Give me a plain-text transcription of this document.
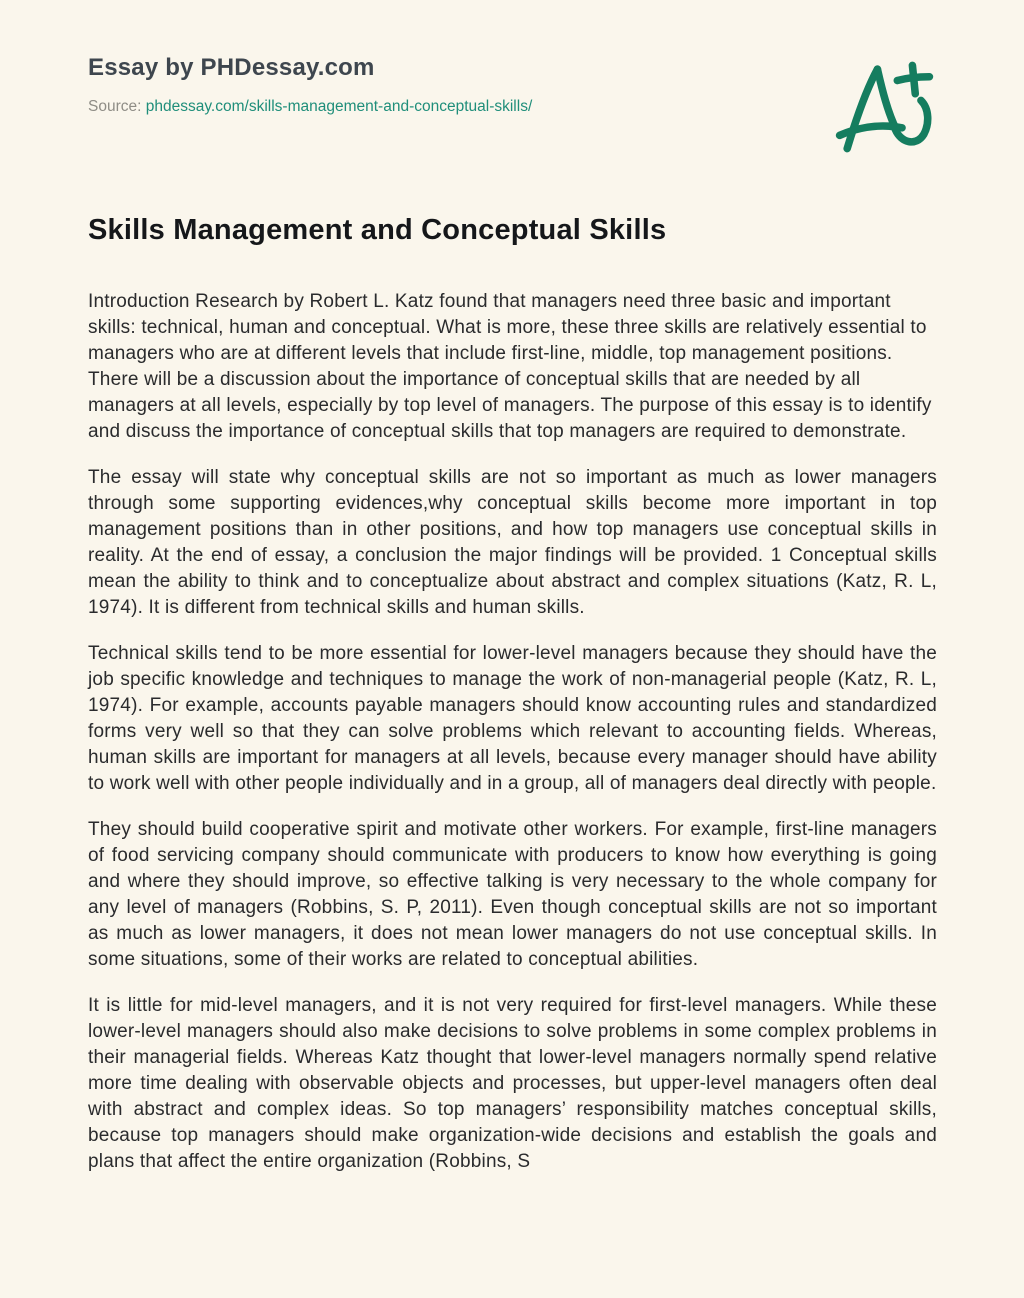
Essay by PHDessay.com
Source: phdessay.com/skills-management-and-conceptual-skills/
Skills Management and Conceptual Skills

Introduction Research by Robert L. Katz found that managers need three basic and important skills: technical, human and conceptual. What is more, these three skills are relatively essential to managers who are at different levels that include first-line, middle, top management positions. There will be a discussion about the importance of conceptual skills that are needed by all managers at all levels, especially by top level of managers. The purpose of this essay is to identify and discuss the importance of conceptual skills that top managers are required to demonstrate.

The essay will state why conceptual skills are not so important as much as lower managers through some supporting evidences,why conceptual skills become more important in top management positions than in other positions, and how top managers use conceptual skills in reality. At the end of essay, a conclusion the major findings will be provided. 1 Conceptual skills mean the ability to think and to conceptualize about abstract and complex situations (Katz, R. L, 1974). It is different from technical skills and human skills.

Technical skills tend to be more essential for lower-level managers because they should have the job specific knowledge and techniques to manage the work of non-managerial people (Katz, R. L, 1974). For example, accounts payable managers should know accounting rules and standardized forms very well so that they can solve problems which relevant to accounting fields. Whereas, human skills are important for managers at all levels, because every manager should have ability to work well with other people individually and in a group, all of managers deal directly with people.

They should build cooperative spirit and motivate other workers. For example, first-line managers of food servicing company should communicate with producers to know how everything is going and where they should improve, so effective talking is very necessary to the whole company for any level of managers (Robbins, S. P, 2011). Even though conceptual skills are not so important as much as lower managers, it does not mean lower managers do not use conceptual skills. In some situations, some of their works are related to conceptual abilities.

It is little for mid-level managers, and it is not very required for first-level managers. While these lower-level managers should also make decisions to solve problems in some complex problems in their managerial fields. Whereas Katz thought that lower-level managers normally spend relative more time dealing with observable objects and processes, but upper-level managers often deal with abstract and complex ideas. So top managers’ responsibility matches conceptual skills, because top managers should make organization-wide decisions and establish the goals and plans that affect the entire organization (Robbins, S
